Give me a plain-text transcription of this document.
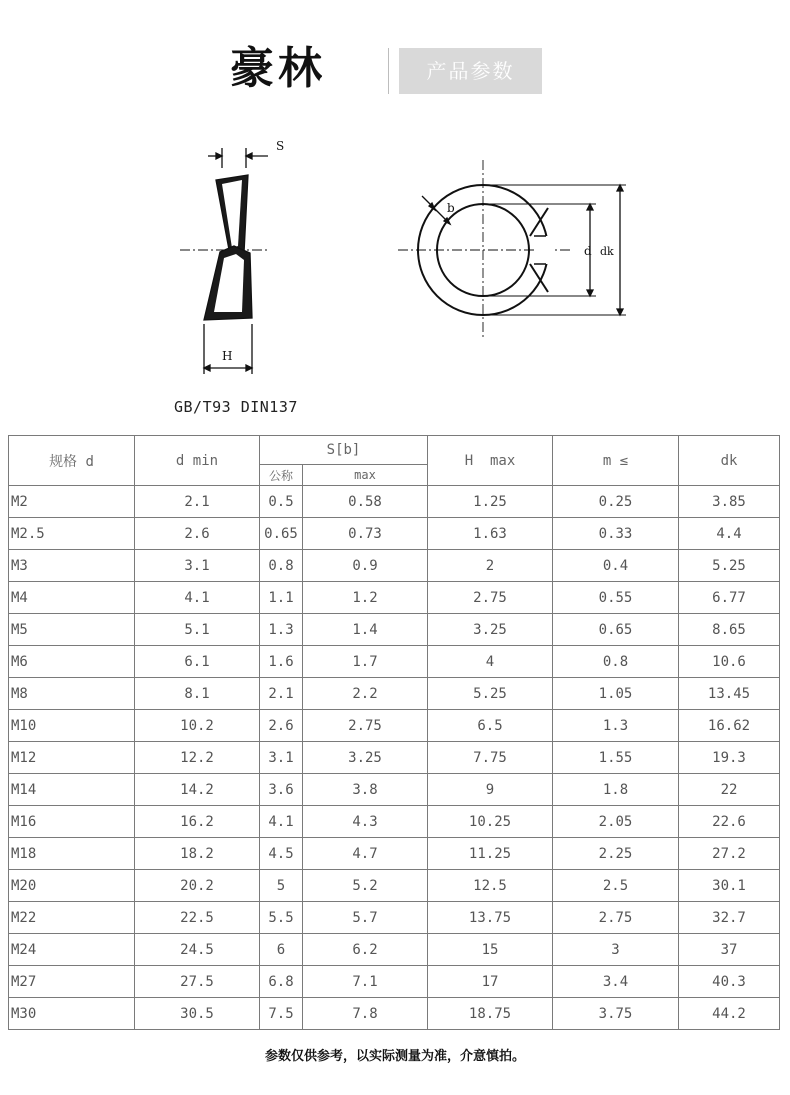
豪林	产品参数
S
H
b
d dk
GB/T93 DIN137
规格 d	d min	S[b]		H  max	m ≤	dk
		公称	max			
M2	2.1	0.5	0.58	1.25	0.25	3.85
M2.5	2.6	0.65	0.73	1.63	0.33	4.4
M3	3.1	0.8	0.9	2	0.4	5.25
M4	4.1	1.1	1.2	2.75	0.55	6.77
M5	5.1	1.3	1.4	3.25	0.65	8.65
M6	6.1	1.6	1.7	4	0.8	10.6
M8	8.1	2.1	2.2	5.25	1.05	13.45
M10	10.2	2.6	2.75	6.5	1.3	16.62
M12	12.2	3.1	3.25	7.75	1.55	19.3
M14	14.2	3.6	3.8	9	1.8	22
M16	16.2	4.1	4.3	10.25	2.05	22.6
M18	18.2	4.5	4.7	11.25	2.25	27.2
M20	20.2	5	5.2	12.5	2.5	30.1
M22	22.5	5.5	5.7	13.75	2.75	32.7
M24	24.5	6	6.2	15	3	37
M27	27.5	6.8	7.1	17	3.4	40.3
M30	30.5	7.5	7.8	18.75	3.75	44.2
参数仅供参考，以实际测量为准，介意慎拍。
